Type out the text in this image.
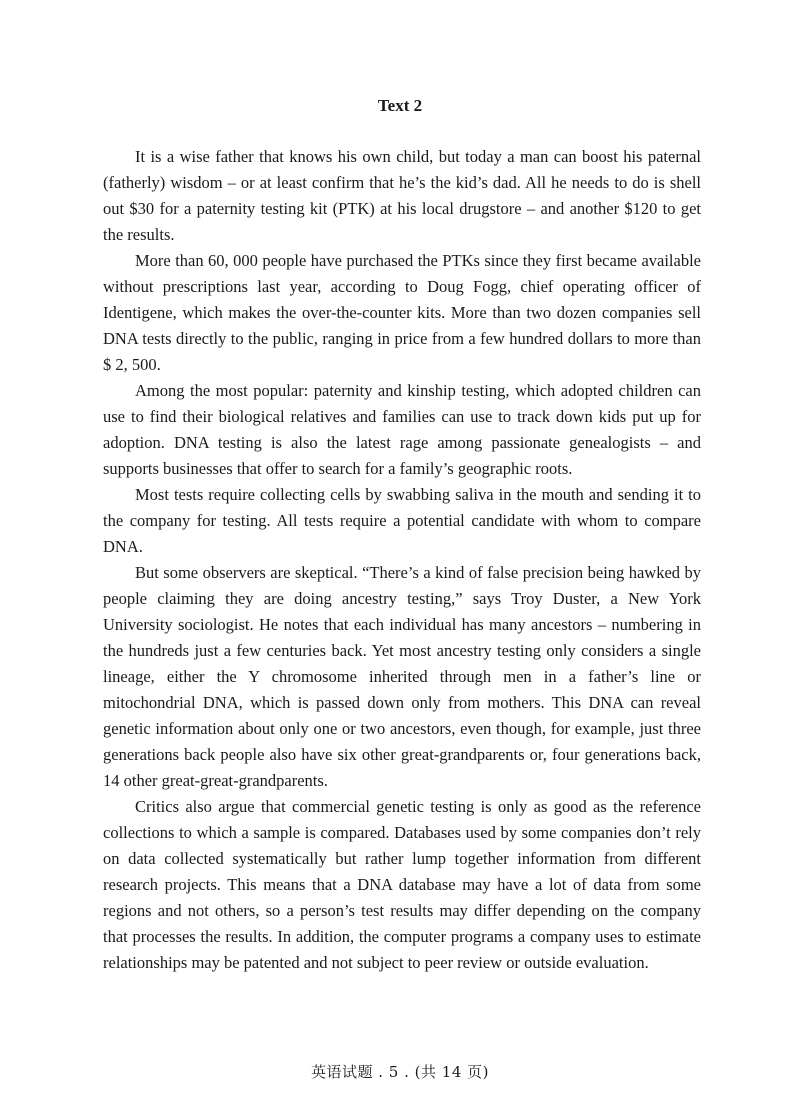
Text 2

It is a wise father that knows his own child, but today a man can boost his paternal (fatherly) wisdom – or at least confirm that he’s the kid’s dad. All he needs to do is shell out $30 for a paternity testing kit (PTK) at his local drugstore – and another $120 to get the results.

More than 60, 000 people have purchased the PTKs since they first became available without prescriptions last year, according to Doug Fogg, chief operating officer of Identigene, which makes the over-the-counter kits. More than two dozen companies sell DNA tests directly to the public, ranging in price from a few hundred dollars to more than $ 2, 500.

Among the most popular: paternity and kinship testing, which adopted children can use to find their biological relatives and families can use to track down kids put up for adoption. DNA testing is also the latest rage among passionate genealogists – and supports businesses that offer to search for a family’s geographic roots.

Most tests require collecting cells by swabbing saliva in the mouth and sending it to the company for testing. All tests require a potential candidate with whom to compare DNA.

But some observers are skeptical. “There’s a kind of false precision being hawked by people claiming they are doing ancestry testing,” says Troy Duster, a New York University sociologist. He notes that each individual has many ancestors – numbering in the hundreds just a few centuries back. Yet most ancestry testing only considers a single lineage, either the Y chromosome inherited through men in a father’s line or mitochondrial DNA, which is passed down only from mothers. This DNA can reveal genetic information about only one or two ancestors, even though, for example, just three generations back people also have six other great-grandparents or, four generations back, 14 other great-great-grandparents.

Critics also argue that commercial genetic testing is only as good as the reference collections to which a sample is compared. Databases used by some companies don’t rely on data collected systematically but rather lump together information from different research projects. This means that a DNA database may have a lot of data from some regions and not others, so a person’s test results may differ depending on the company that processes the results. In addition, the computer programs a company uses to estimate relationships may be patented and not subject to peer review or outside evaluation.

英语试题 . 5 . (共 14 页)
